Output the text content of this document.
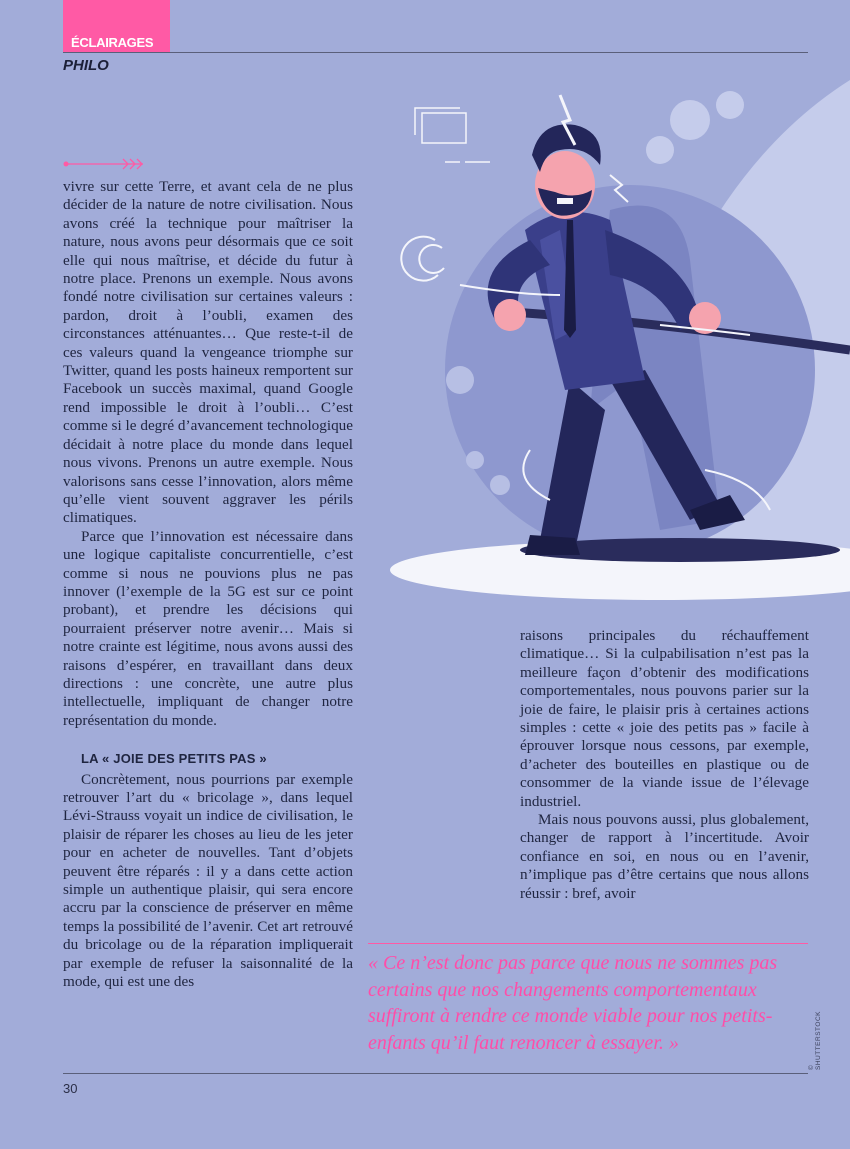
ÉCLAIRAGES
PHILO

vivre sur cette Terre, et avant cela de ne plus décider de la nature de notre civilisation. Nous avons créé la technique pour maîtriser la nature, nous avons peur désormais que ce soit elle qui nous maîtrise, et décide du futur à notre place. Prenons un exemple. Nous avons fondé notre civilisation sur certaines valeurs : pardon, droit à l’oubli, examen des circonstances atténuantes… Que reste-t-il de ces valeurs quand la vengeance triomphe sur Twitter, quand les posts haineux remportent sur Facebook un succès maximal, quand Google rend impossible le droit à l’oubli… C’est comme si le degré d’avancement technologique décidait à notre place du monde dans lequel nous vivons. Prenons un autre exemple. Nous valorisons sans cesse l’innovation, alors même qu’elle vient souvent aggraver les périls climatiques.

Parce que l’innovation est nécessaire dans une logique capitaliste concurrentielle, c’est comme si nous ne pouvions plus ne pas innover (l’exemple de la 5G est sur ce point probant), et prendre les décisions qui pourraient préserver notre avenir… Mais si notre crainte est légitime, nous avons aussi des raisons d’espérer, en travaillant dans deux directions : une concrète, une autre plus intellectuelle, impliquant de changer notre représentation du monde.

LA « JOIE DES PETITS PAS »

Concrètement, nous pourrions par exemple retrouver l’art du « bricolage », dans lequel Lévi-Strauss voyait un indice de civilisation, le plaisir de réparer les choses au lieu de les jeter pour en acheter de nouvelles. Tant d’objets peuvent être réparés : il y a dans cette action simple un authentique plaisir, qui sera encore accru par la conscience de préserver en même temps la possibilité de l’avenir. Cet art retrouvé du bricolage ou de la réparation impliquerait par exemple de refuser la saisonnalité de la mode, qui est une des

raisons principales du réchauffement climatique… Si la culpabilisation n’est pas la meilleure façon d’obtenir des modifications comportementales, nous pouvons parier sur la joie de faire, le plaisir pris à certaines actions simples : cette « joie des petits pas » facile à éprouver lorsque nous cessons, par exemple, d’acheter des bouteilles en plastique ou de consommer de la viande issue de l’élevage industriel.

Mais nous pouvons aussi, plus globalement, changer de rapport à l’incertitude. Avoir confiance en soi, en nous ou en l’avenir, n’implique pas d’être certains que nous allons réussir : bref, avoir

« Ce n’est donc pas parce que nous ne sommes pas certains que nos changements comportementaux suffiront à rendre ce monde viable pour nos petits-enfants qu’il faut renoncer à essayer. »
© SHUTTERSTOCK
30
